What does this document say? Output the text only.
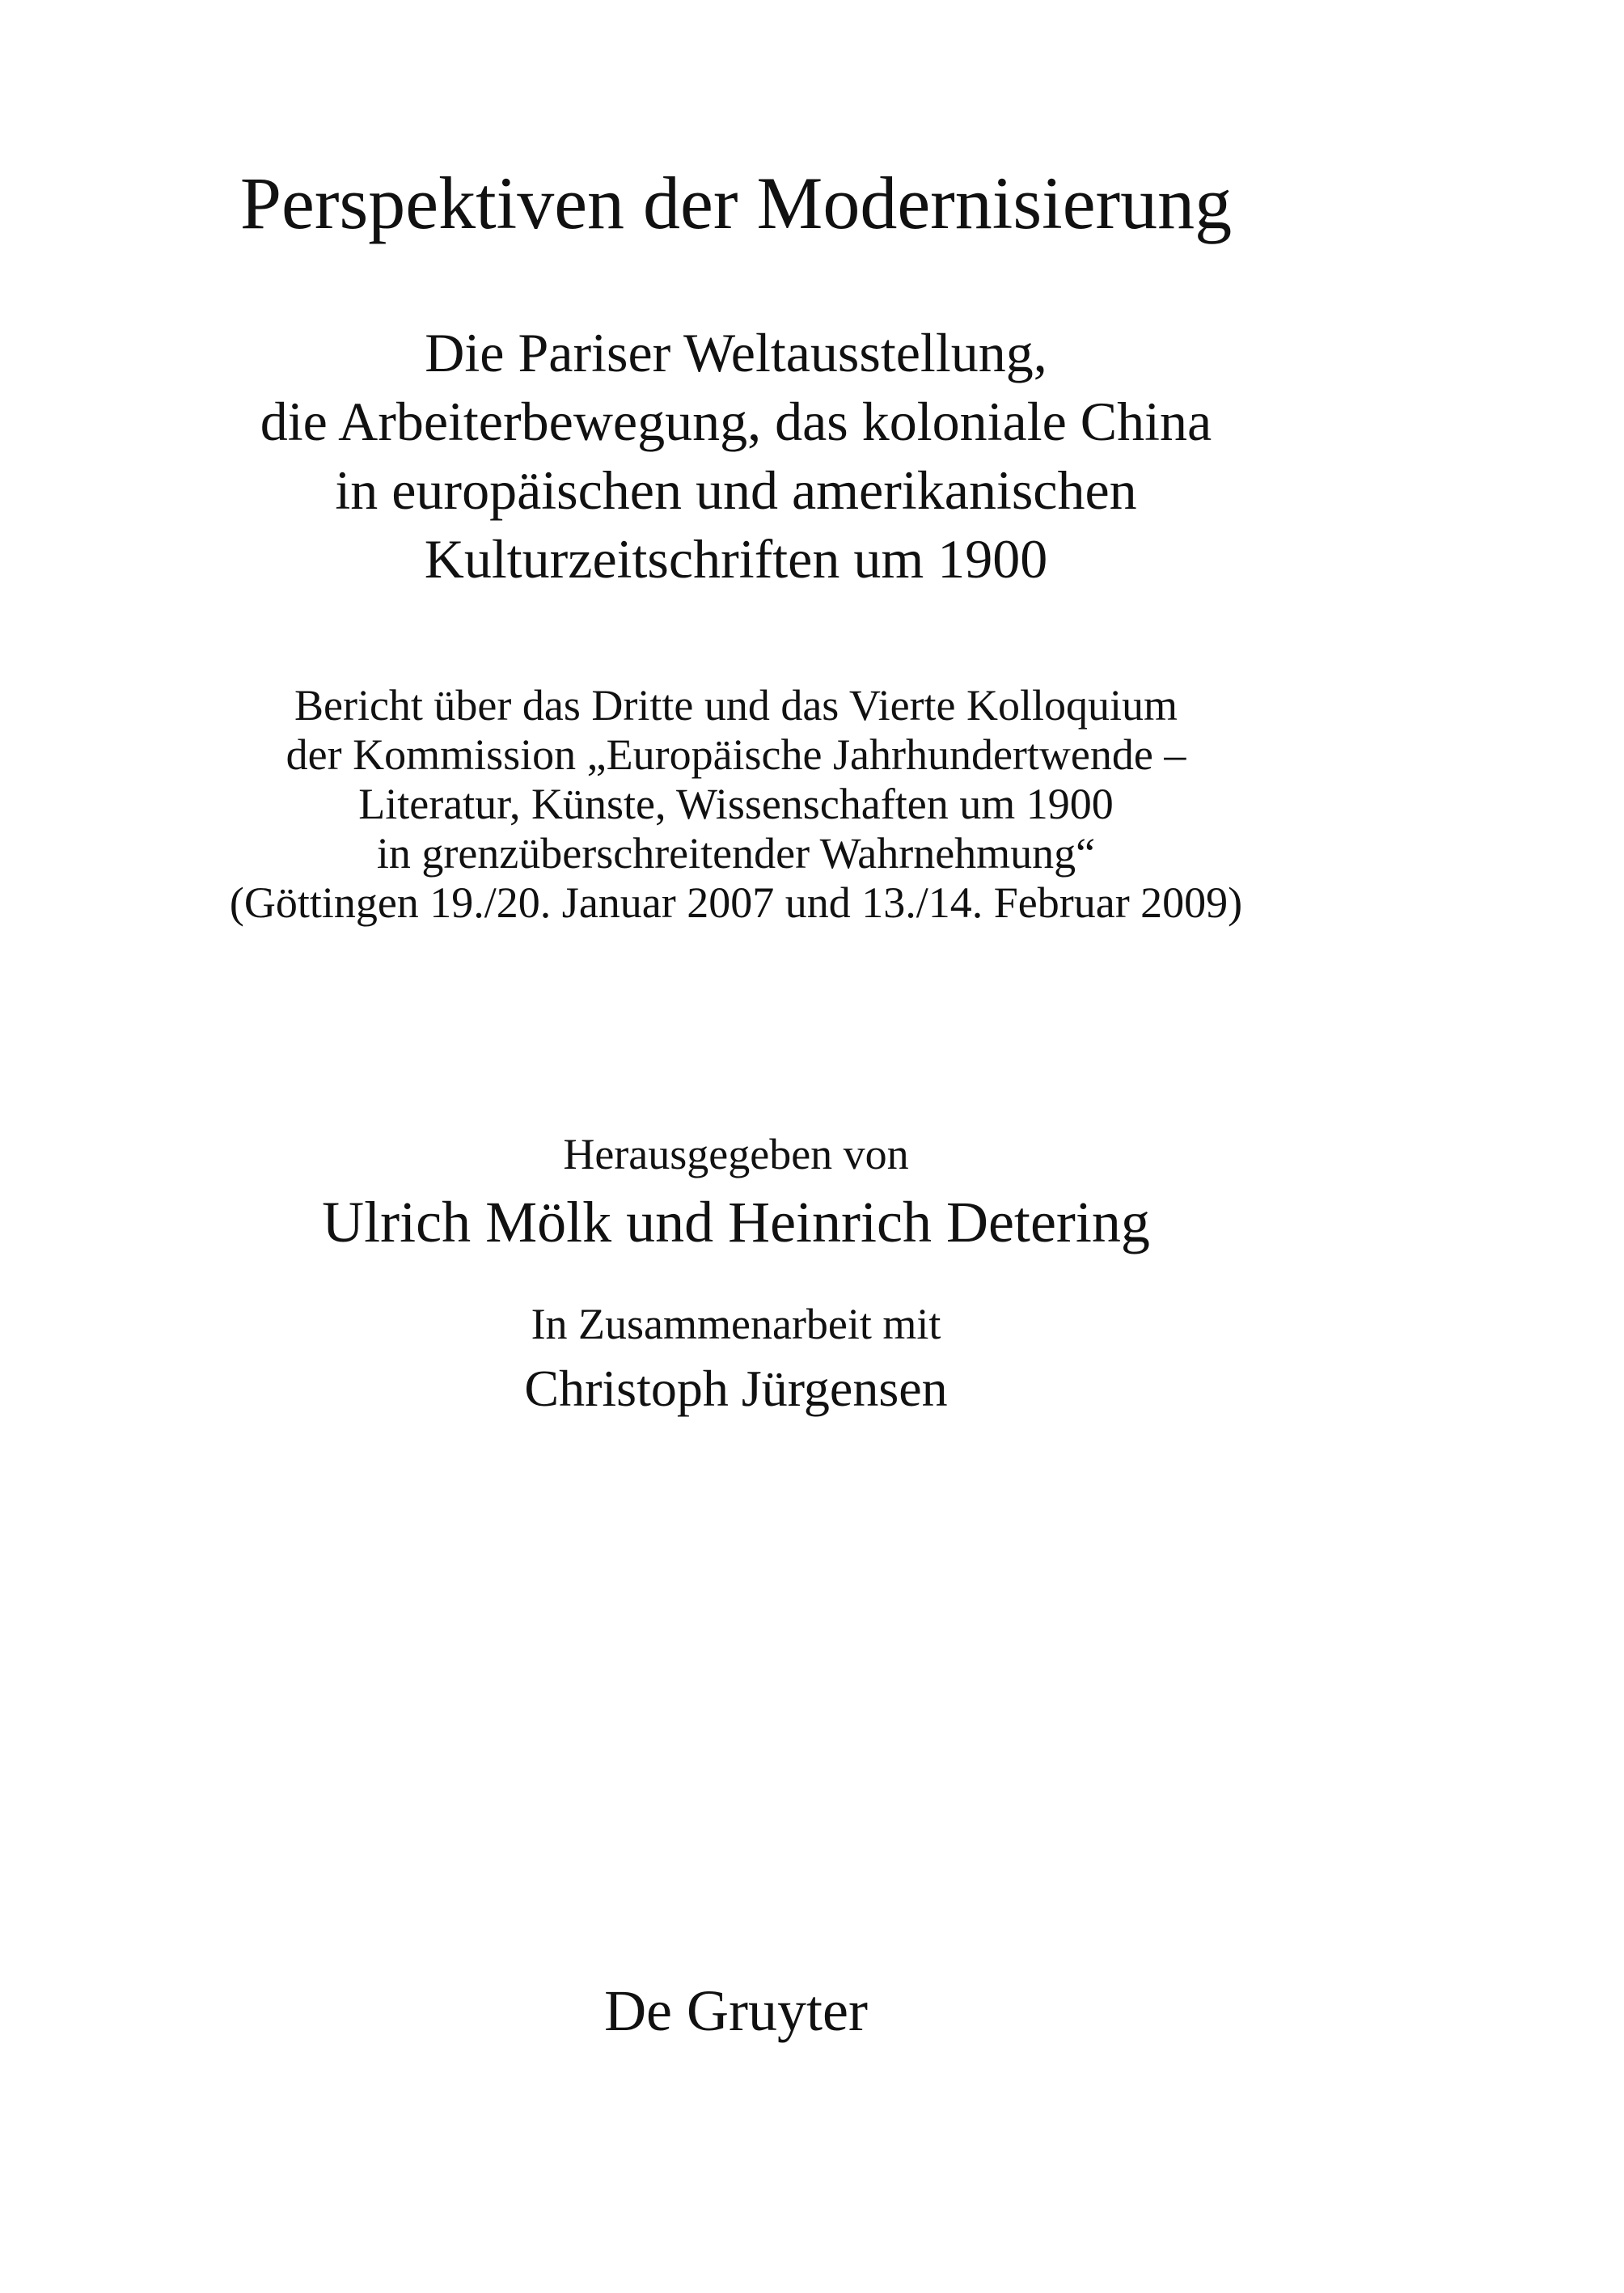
Perspektiven der Modernisierung
Die Pariser Weltausstellung,
die Arbeiterbewegung, das koloniale China
in europäischen und amerikanischen
Kulturzeitschriften um 1900
Bericht über das Dritte und das Vierte Kolloquium
der Kommission „Europäische Jahrhundertwende –
Literatur, Künste, Wissenschaften um 1900
in grenzüberschreitender Wahrnehmung“
(Göttingen 19./20. Januar 2007 und 13./14. Februar 2009)
Herausgegeben von
Ulrich Mölk und Heinrich Detering
In Zusammenarbeit mit
Christoph Jürgensen
De Gruyter
